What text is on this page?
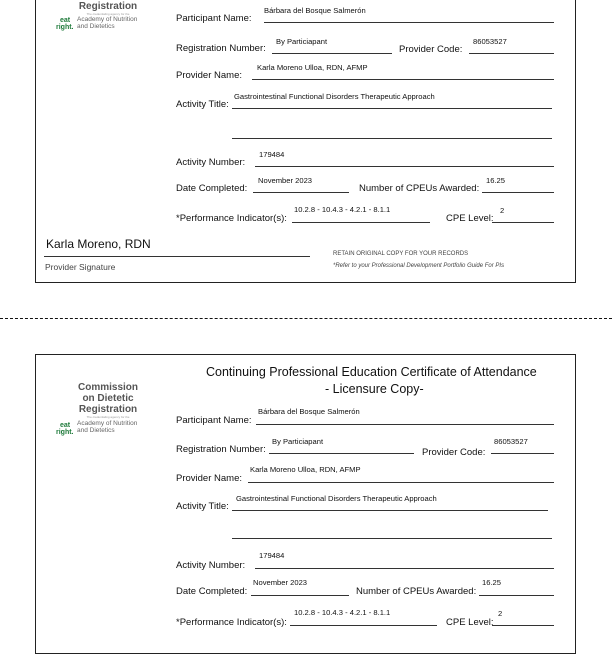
Registration
The credentialing agency for the
eat
right.
Academy of Nutrition
and Dietetics
Participant Name:
Bárbara del Bosque Salmerón
Registration Number:
By Particiapant
Provider Code:
86053527
Provider Name:
Karla Moreno Ulloa, RDN, AFMP
Activity Title:
Gastrointestinal Functional Disorders Therapeutic Approach
Activity Number:
179484
Date Completed:
November 2023
Number of CPEUs Awarded:
16.25
*Performance Indicator(s):
10.2.8 - 10.4.3 - 4.2.1 - 8.1.1
CPE Level:
2
Karla Moreno, RDN
Provider Signature
RETAIN ORIGINAL COPY FOR YOUR RECORDS
*Refer to your Professional Development Portfolio Guide For PIs
Continuing Professional Education Certificate of Attendance
- Licensure Copy-
Commission
on Dietetic
Registration
The credentialing agency for the
eat
right.
Academy of Nutrition
and Dietetics
Participant Name:
Bárbara del Bosque Salmerón
Registration Number:
By Particiapant
Provider Code:
86053527
Provider Name:
Karla Moreno Ulloa, RDN, AFMP
Activity Title:
Gastrointestinal Functional Disorders Therapeutic Approach
Activity Number:
179484
Date Completed:
November 2023
Number of CPEUs Awarded:
16.25
*Performance Indicator(s):
10.2.8 - 10.4.3 - 4.2.1 - 8.1.1
CPE Level:
2
